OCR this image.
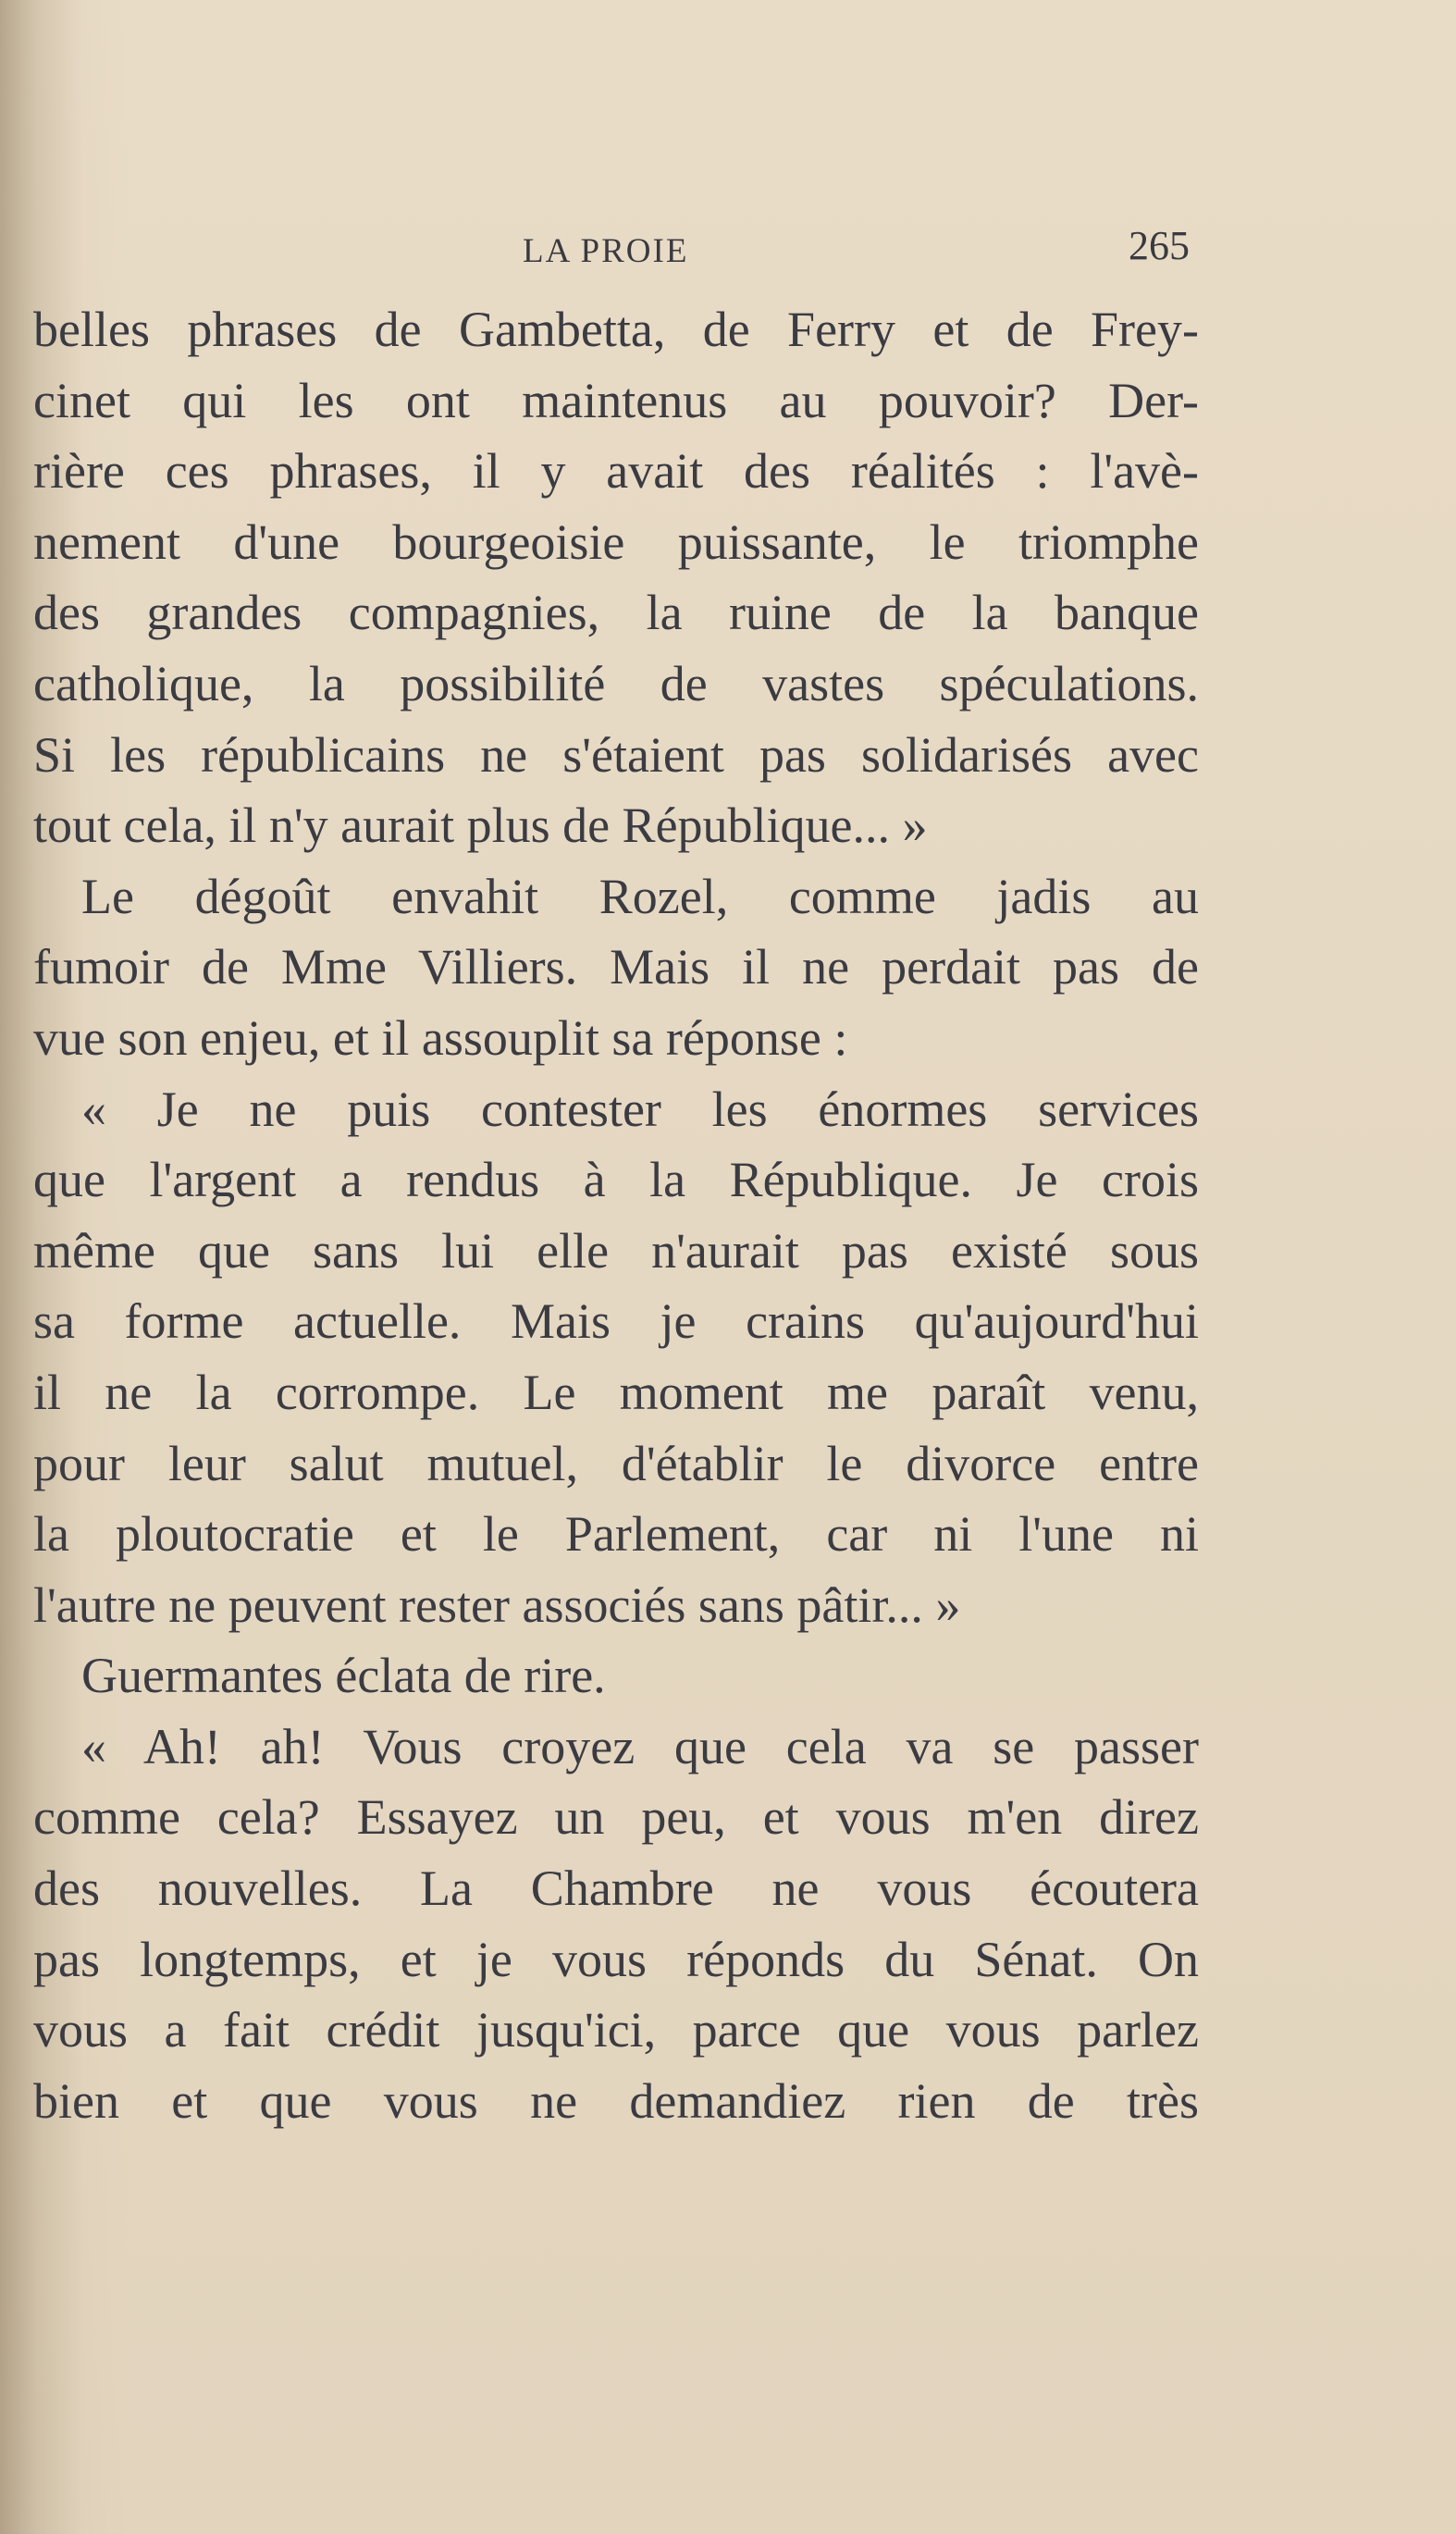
LA PROIE	265
belles phrases de Gambetta, de Ferry et de Frey-
cinet qui les ont maintenus au pouvoir? Der-
rière ces phrases, il y avait des réalités : l'avè-
nement d'une bourgeoisie puissante, le triomphe
des grandes compagnies, la ruine de la banque
catholique, la possibilité de vastes spéculations.
Si les républicains ne s'étaient pas solidarisés avec
tout cela, il n'y aurait plus de République... »
Le dégoût envahit Rozel, comme jadis au
fumoir de Mme Villiers. Mais il ne perdait pas de
vue son enjeu, et il assouplit sa réponse :
« Je ne puis contester les énormes services
que l'argent a rendus à la République. Je crois
même que sans lui elle n'aurait pas existé sous
sa forme actuelle. Mais je crains qu'aujourd'hui
il ne la corrompe. Le moment me paraît venu,
pour leur salut mutuel, d'établir le divorce entre
la ploutocratie et le Parlement, car ni l'une ni
l'autre ne peuvent rester associés sans pâtir... »
Guermantes éclata de rire.
« Ah! ah! Vous croyez que cela va se passer
comme cela? Essayez un peu, et vous m'en direz
des nouvelles. La Chambre ne vous écoutera
pas longtemps, et je vous réponds du Sénat. On
vous a fait crédit jusqu'ici, parce que vous parlez
bien et que vous ne demandiez rien de très
